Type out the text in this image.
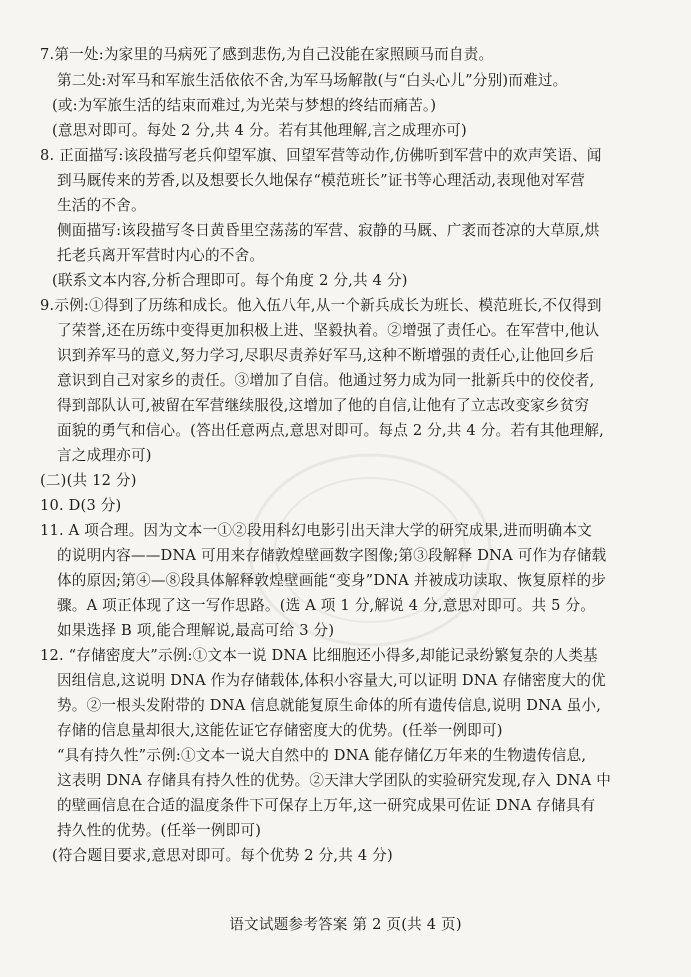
7.第一处:为家里的马病死了感到悲伤,为自己没能在家照顾马而自责。
第二处:对军马和军旅生活依依不舍,为军马场解散(与“白头心儿”分别)而难过。
(或:为军旅生活的结束而难过,为光荣与梦想的终结而痛苦。)
(意思对即可。每处 2 分,共 4 分。若有其他理解,言之成理亦可)
8. 正面描写:该段描写老兵仰望军旗、回望军营等动作,仿佛听到军营中的欢声笑语、闻
到马厩传来的芳香,以及想要长久地保存“模范班长”证书等心理活动,表现他对军营
生活的不舍。
侧面描写:该段描写冬日黄昏里空荡荡的军营、寂静的马厩、广袤而苍凉的大草原,烘
托老兵离开军营时内心的不舍。
(联系文本内容,分析合理即可。每个角度 2 分,共 4 分)
9.示例:①得到了历练和成长。他入伍八年,从一个新兵成长为班长、模范班长,不仅得到
了荣誉,还在历练中变得更加积极上进、坚毅执着。②增强了责任心。在军营中,他认
识到养军马的意义,努力学习,尽职尽责养好军马,这种不断增强的责任心,让他回乡后
意识到自己对家乡的责任。③增加了自信。他通过努力成为同一批新兵中的佼佼者,
得到部队认可,被留在军营继续服役,这增加了他的自信,让他有了立志改变家乡贫穷
面貌的勇气和信心。(答出任意两点,意思对即可。每点 2 分,共 4 分。若有其他理解,
言之成理亦可)
(二)(共 12 分)
10. D(3 分)
11. A 项合理。因为文本一①②段用科幻电影引出天津大学的研究成果,进而明确本文
的说明内容——DNA 可用来存储敦煌壁画数字图像;第③段解释 DNA 可作为存储载
体的原因;第④—⑧段具体解释敦煌壁画能“变身”DNA 并被成功读取、恢复原样的步
骤。A 项正体现了这一写作思路。(选 A 项 1 分,解说 4 分,意思对即可。共 5 分。
如果选择 B 项,能合理解说,最高可给 3 分)
12. “存储密度大”示例:①文本一说 DNA 比细胞还小得多,却能记录纷繁复杂的人类基
因组信息,这说明 DNA 作为存储载体,体积小容量大,可以证明 DNA 存储密度大的优
势。②一根头发附带的 DNA 信息就能复原生命体的所有遗传信息,说明 DNA 虽小,
存储的信息量却很大,这能佐证它存储密度大的优势。(任举一例即可)
“具有持久性”示例:①文本一说大自然中的 DNA 能存储亿万年来的生物遗传信息,
这表明 DNA 存储具有持久性的优势。②天津大学团队的实验研究发现,存入 DNA 中
的壁画信息在合适的温度条件下可保存上万年,这一研究成果可佐证 DNA 存储具有
持久性的优势。(任举一例即可)
(符合题目要求,意思对即可。每个优势 2 分,共 4 分)
语文试题参考答案 第 2 页(共 4 页)
